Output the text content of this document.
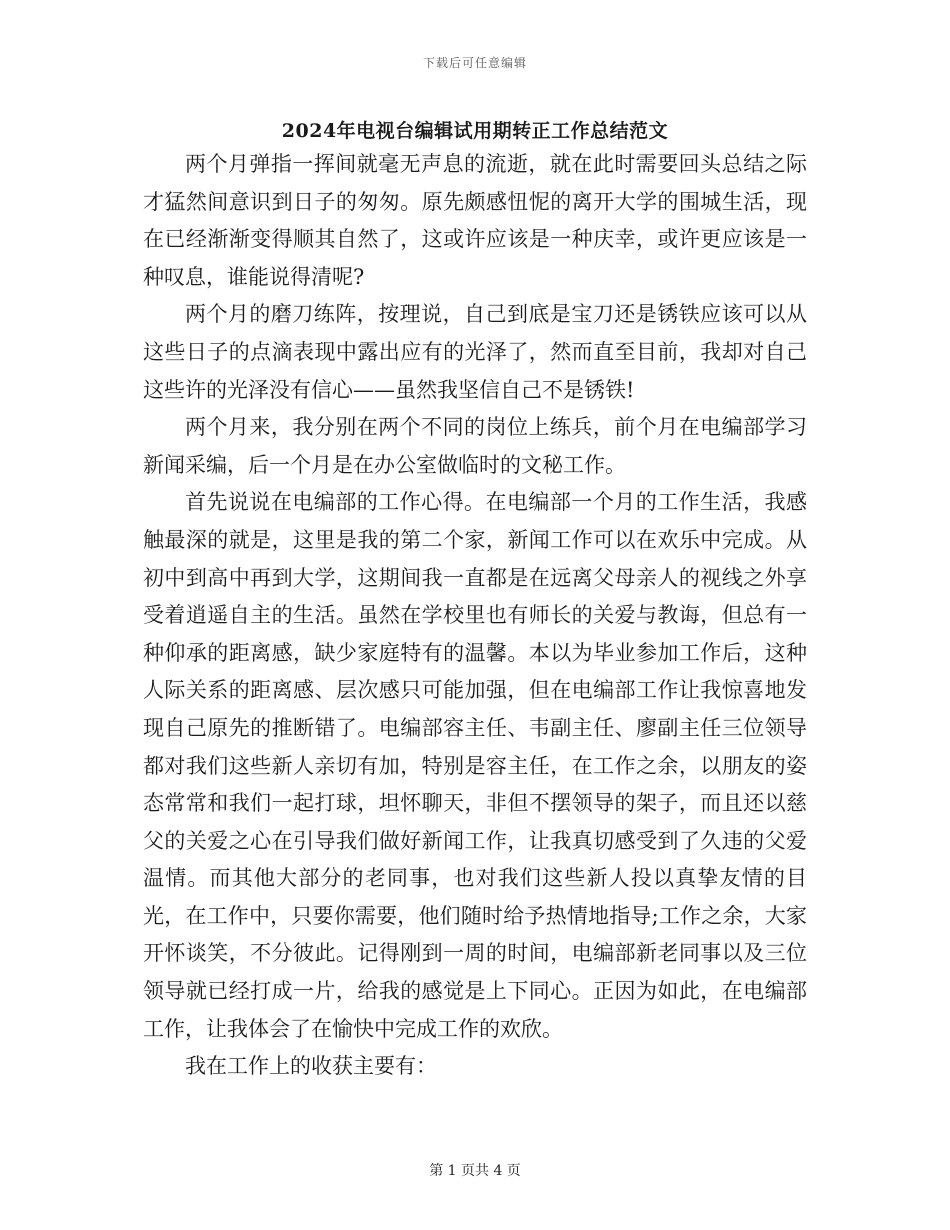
下载后可任意编辑
2024年电视台编辑试用期转正工作总结范文

两个月弹指一挥间就毫无声息的流逝，就在此时需要回头总结之际才猛然间意识到日子的匆匆。原先颇感忸怩的离开大学的围城生活，现在已经渐渐变得顺其自然了，这或许应该是一种庆幸，或许更应该是一种叹息，谁能说得清呢?

两个月的磨刀练阵，按理说，自己到底是宝刀还是锈铁应该可以从这些日子的点滴表现中露出应有的光泽了，然而直至目前，我却对自己这些许的光泽没有信心——虽然我坚信自己不是锈铁!

两个月来，我分别在两个不同的岗位上练兵，前个月在电编部学习新闻采编，后一个月是在办公室做临时的文秘工作。

首先说说在电编部的工作心得。在电编部一个月的工作生活，我感触最深的就是，这里是我的第二个家，新闻工作可以在欢乐中完成。从初中到高中再到大学，这期间我一直都是在远离父母亲人的视线之外享受着逍遥自主的生活。虽然在学校里也有师长的关爱与教诲，但总有一种仰承的距离感，缺少家庭特有的温馨。本以为毕业参加工作后，这种人际关系的距离感、层次感只可能加强，但在电编部工作让我惊喜地发现自己原先的推断错了。电编部容主任、韦副主任、廖副主任三位领导都对我们这些新人亲切有加，特别是容主任，在工作之余，以朋友的姿态常常和我们一起打球，坦怀聊天，非但不摆领导的架子，而且还以慈父的关爱之心在引导我们做好新闻工作，让我真切感受到了久违的父爱温情。而其他大部分的老同事，也对我们这些新人投以真挚友情的目光，在工作中，只要你需要，他们随时给予热情地指导;工作之余，大家开怀谈笑，不分彼此。记得刚到一周的时间，电编部新老同事以及三位领导就已经打成一片，给我的感觉是上下同心。正因为如此，在电编部工作，让我体会了在愉快中完成工作的欢欣。

我在工作上的收获主要有：

第 1 页共 4 页
